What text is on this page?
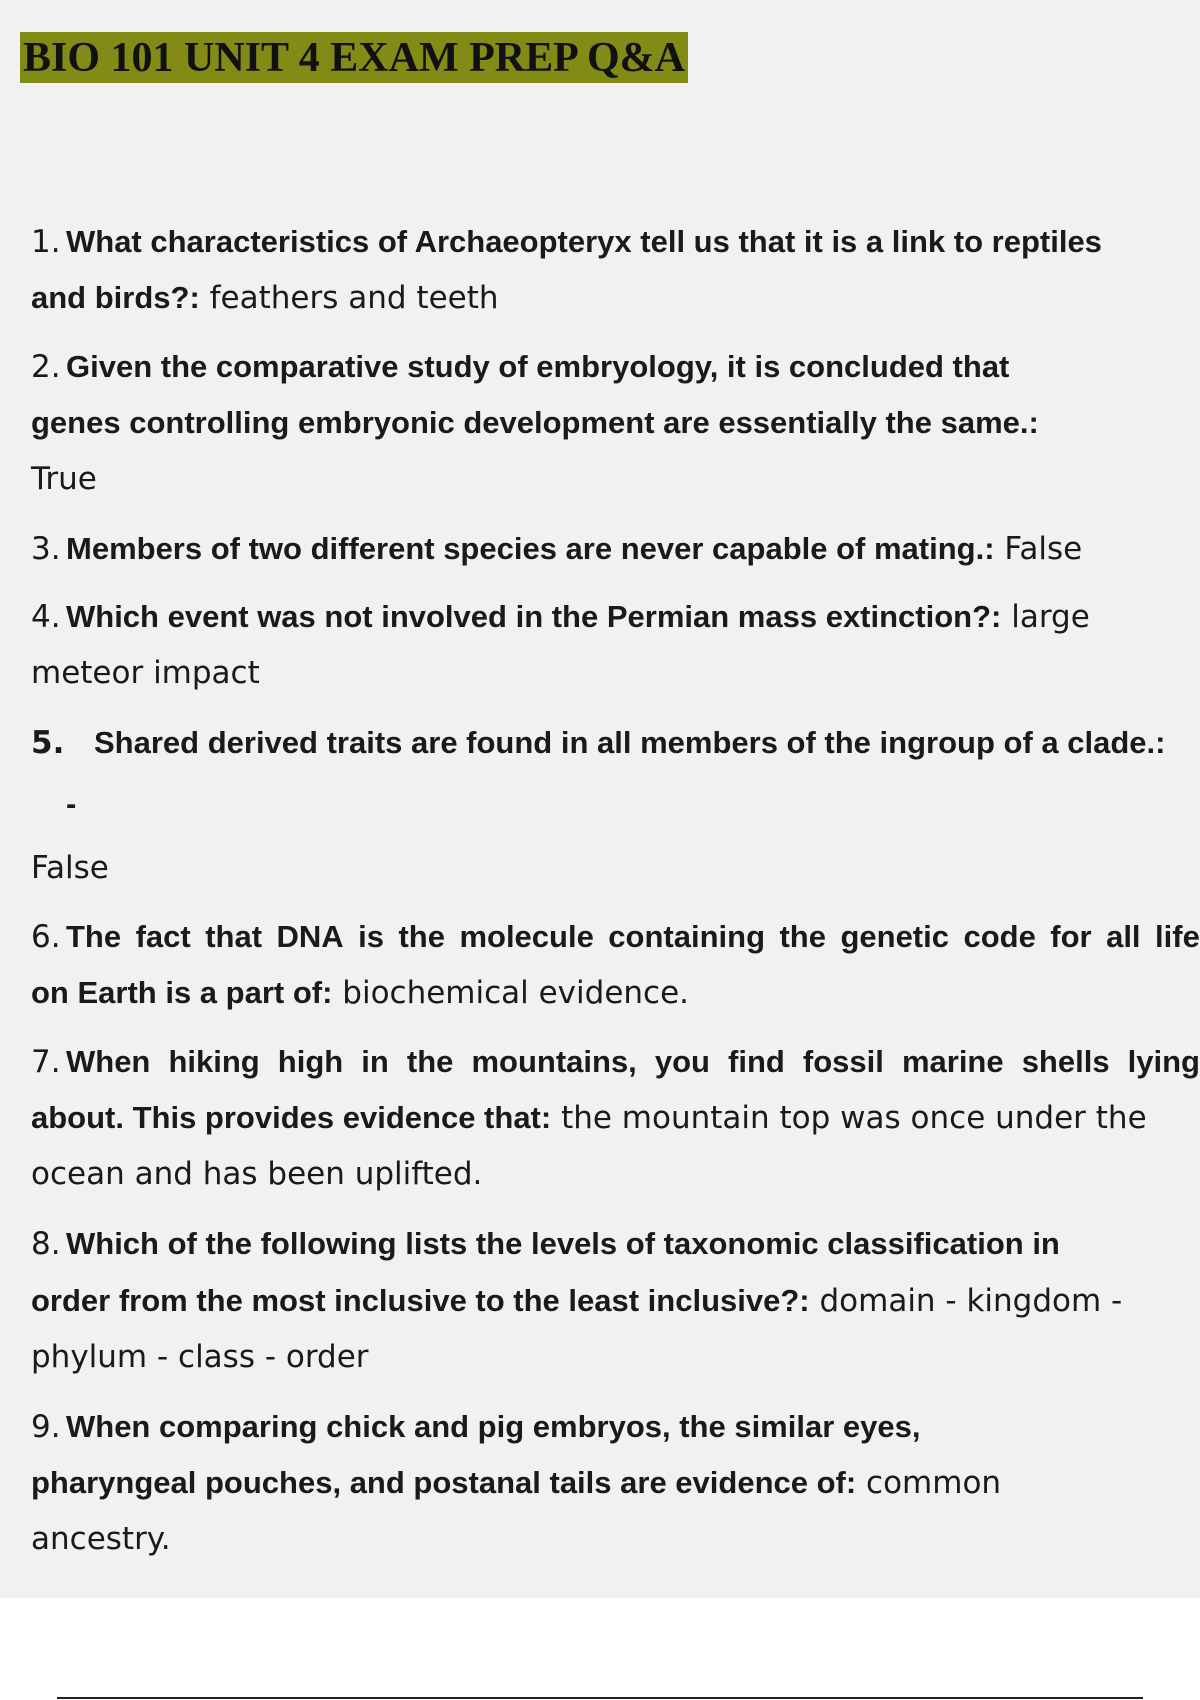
BIO 101 UNIT 4 EXAM PREP Q&A
1. What characteristics of Archaeopteryx tell us that it is a link to reptiles
and birds?: feathers and teeth
2. Given the comparative study of embryology, it is concluded that
genes controlling embryonic development are essentially the same.:
True
3. Members of two different species are never capable of mating.: False
4. Which event was not involved in the Permian mass extinction?: large
meteor impact
5. Shared derived traits are found in all members of the ingroup of a clade.:
-
False
6. The fact that DNA is the molecule containing the genetic code for all life
on Earth is a part of: biochemical evidence.
7. When hiking high in the mountains, you find fossil marine shells lying
about. This provides evidence that: the mountain top was once under the
ocean and has been uplifted.
8. Which of the following lists the levels of taxonomic classification in
order from the most inclusive to the least inclusive?: domain - kingdom -
phylum - class - order
9. When comparing chick and pig embryos, the similar eyes,
pharyngeal pouches, and postanal tails are evidence of: common
ancestry.
